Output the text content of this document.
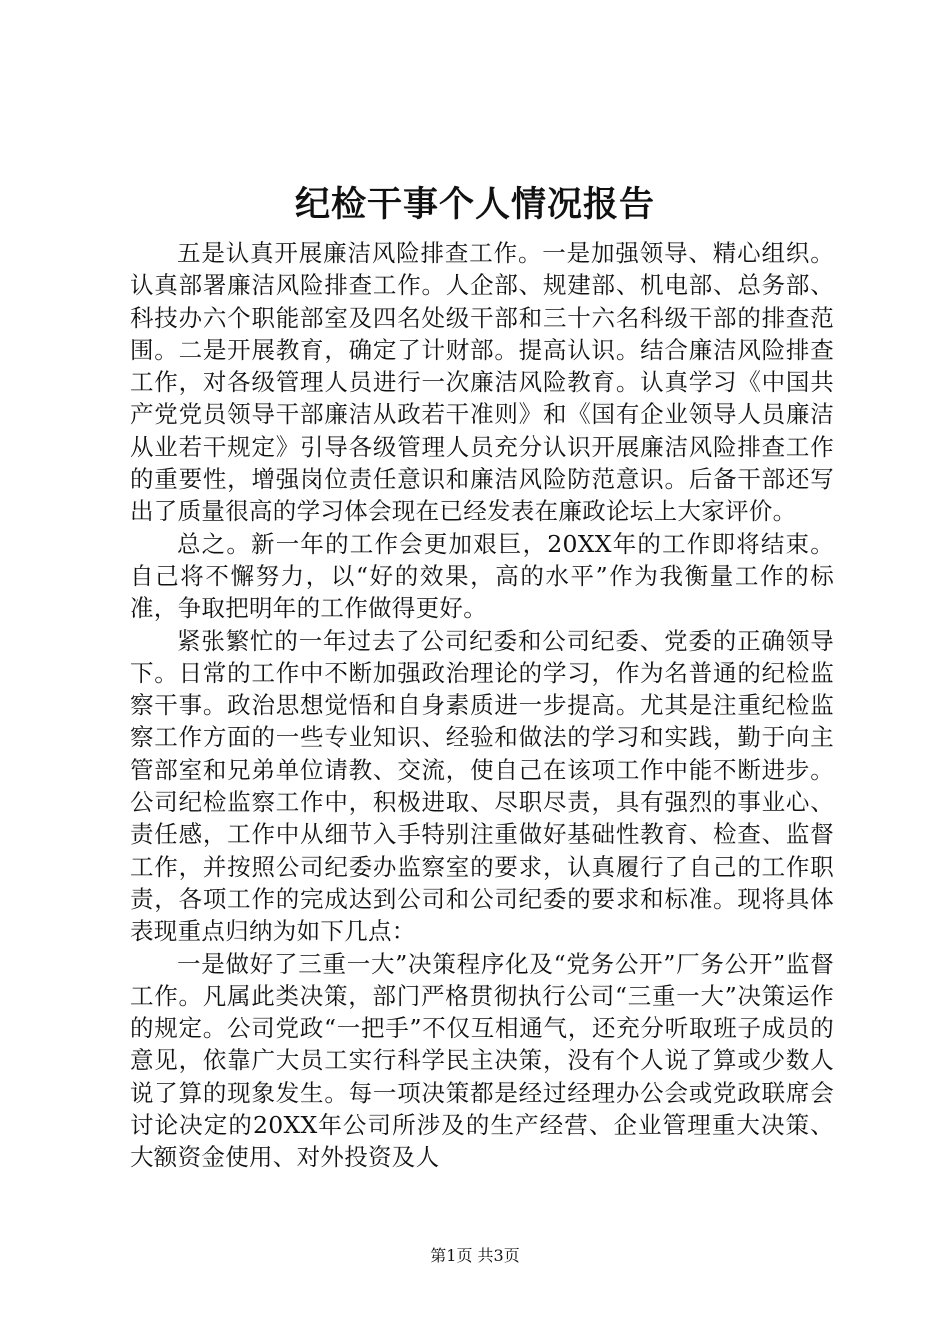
纪检干事个人情况报告

五是认真开展廉洁风险排查工作。一是加强领导、精心组织。认真部署廉洁风险排查工作。人企部、规建部、机电部、总务部、科技办六个职能部室及四名处级干部和三十六名科级干部的排查范围。二是开展教育，确定了计财部。提高认识。结合廉洁风险排查工作，对各级管理人员进行一次廉洁风险教育。认真学习《中国共产党党员领导干部廉洁从政若干准则》和《国有企业领导人员廉洁从业若干规定》引导各级管理人员充分认识开展廉洁风险排查工作的重要性，增强岗位责任意识和廉洁风险防范意识。后备干部还写出了质量很高的学习体会现在已经发表在廉政论坛上大家评价。

总之。新一年的工作会更加艰巨，20XX年的工作即将结束。自己将不懈努力，以“好的效果，高的水平”作为我衡量工作的标准，争取把明年的工作做得更好。

紧张繁忙的一年过去了公司纪委和公司纪委、党委的正确领导下。日常的工作中不断加强政治理论的学习，作为名普通的纪检监察干事。政治思想觉悟和自身素质进一步提高。尤其是注重纪检监察工作方面的一些专业知识、经验和做法的学习和实践，勤于向主管部室和兄弟单位请教、交流，使自己在该项工作中能不断进步。公司纪检监察工作中，积极进取、尽职尽责，具有强烈的事业心、责任感，工作中从细节入手特别注重做好基础性教育、检查、监督工作，并按照公司纪委办监察室的要求，认真履行了自己的工作职责，各项工作的完成达到公司和公司纪委的要求和标准。现将具体表现重点归纳为如下几点：

一是做好了三重一大”决策程序化及“党务公开”厂务公开”监督工作。凡属此类决策，部门严格贯彻执行公司“三重一大”决策运作的规定。公司党政“一把手”不仅互相通气，还充分听取班子成员的意见，依靠广大员工实行科学民主决策，没有个人说了算或少数人说了算的现象发生。每一项决策都是经过经理办公会或党政联席会讨论决定的20XX年公司所涉及的生产经营、企业管理重大决策、大额资金使用、对外投资及人

第1页 共3页
